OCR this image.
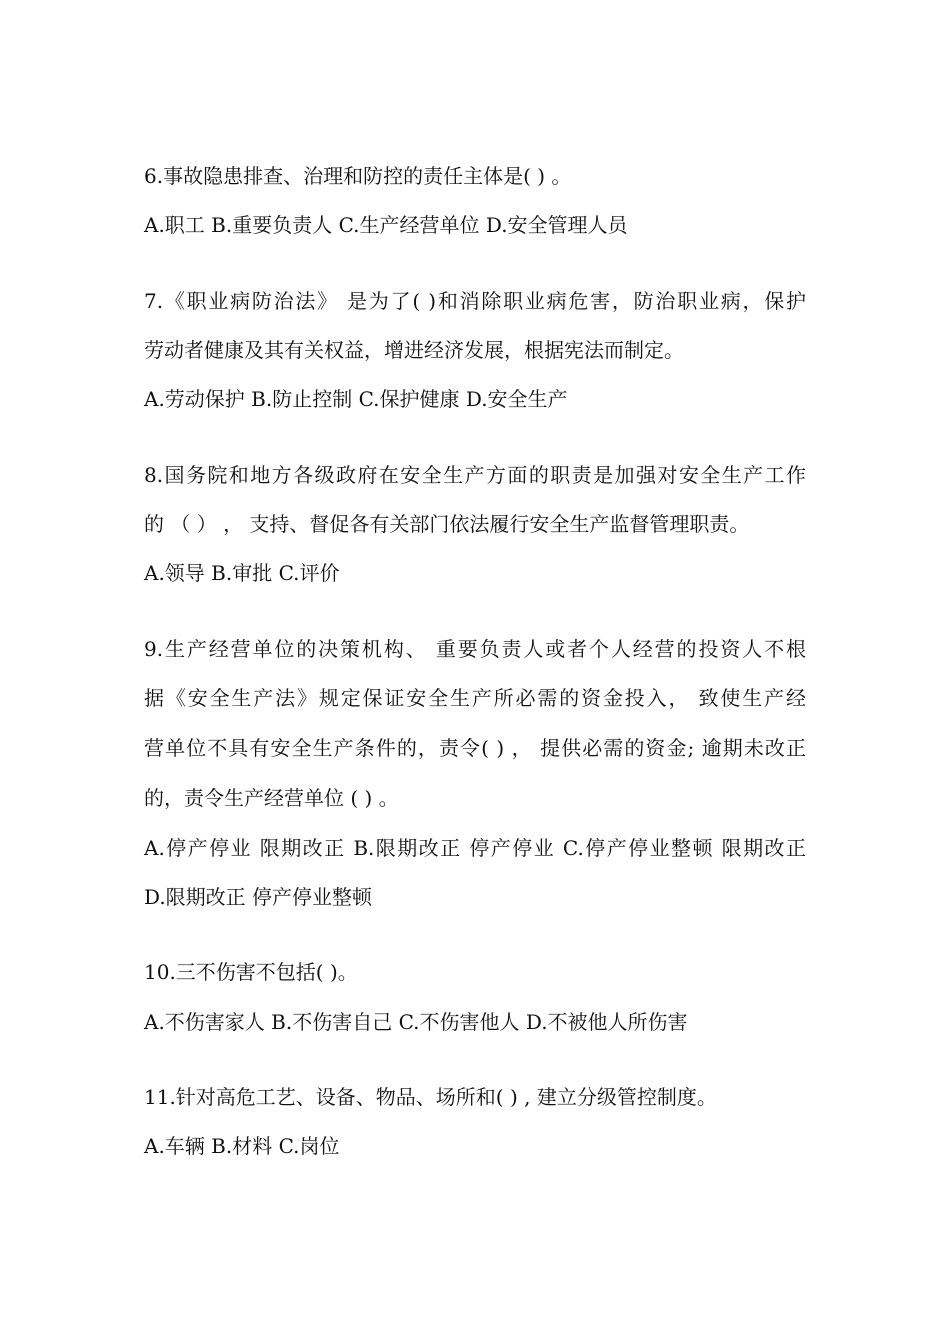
6.事故隐患排查、治理和防控的责任主体是( ) 。
A.职工 B.重要负责人 C.生产经营单位 D.安全管理人员
7.《职业病防治法》 是为了( )和消除职业病危害，防治职业病，保护
劳动者健康及其有关权益，增进经济发展，根据宪法而制定。
A.劳动保护 B.防止控制 C.保护健康 D.安全生产
8.国务院和地方各级政府在安全生产方面的职责是加强对安全生产工作
的 （ ） ， 支持、督促各有关部门依法履行安全生产监督管理职责。
A.领导 B.审批 C.评价
9.生产经营单位的决策机构、 重要负责人或者个人经营的投资人不根
据《安全生产法》规定保证安全生产所必需的资金投入， 致使生产经
营单位不具有安全生产条件的，责令( ) ， 提供必需的资金; 逾期未改正
的，责令生产经营单位 ( ) 。
A.停产停业 限期改正 B.限期改正 停产停业 C.停产停业整顿 限期改正
D.限期改正 停产停业整顿
10.三不伤害不包括( )。
A.不伤害家人 B.不伤害自己 C.不伤害他人 D.不被他人所伤害
11.针对高危工艺、设备、物品、场所和( ) , 建立分级管控制度。
A.车辆 B.材料 C.岗位
